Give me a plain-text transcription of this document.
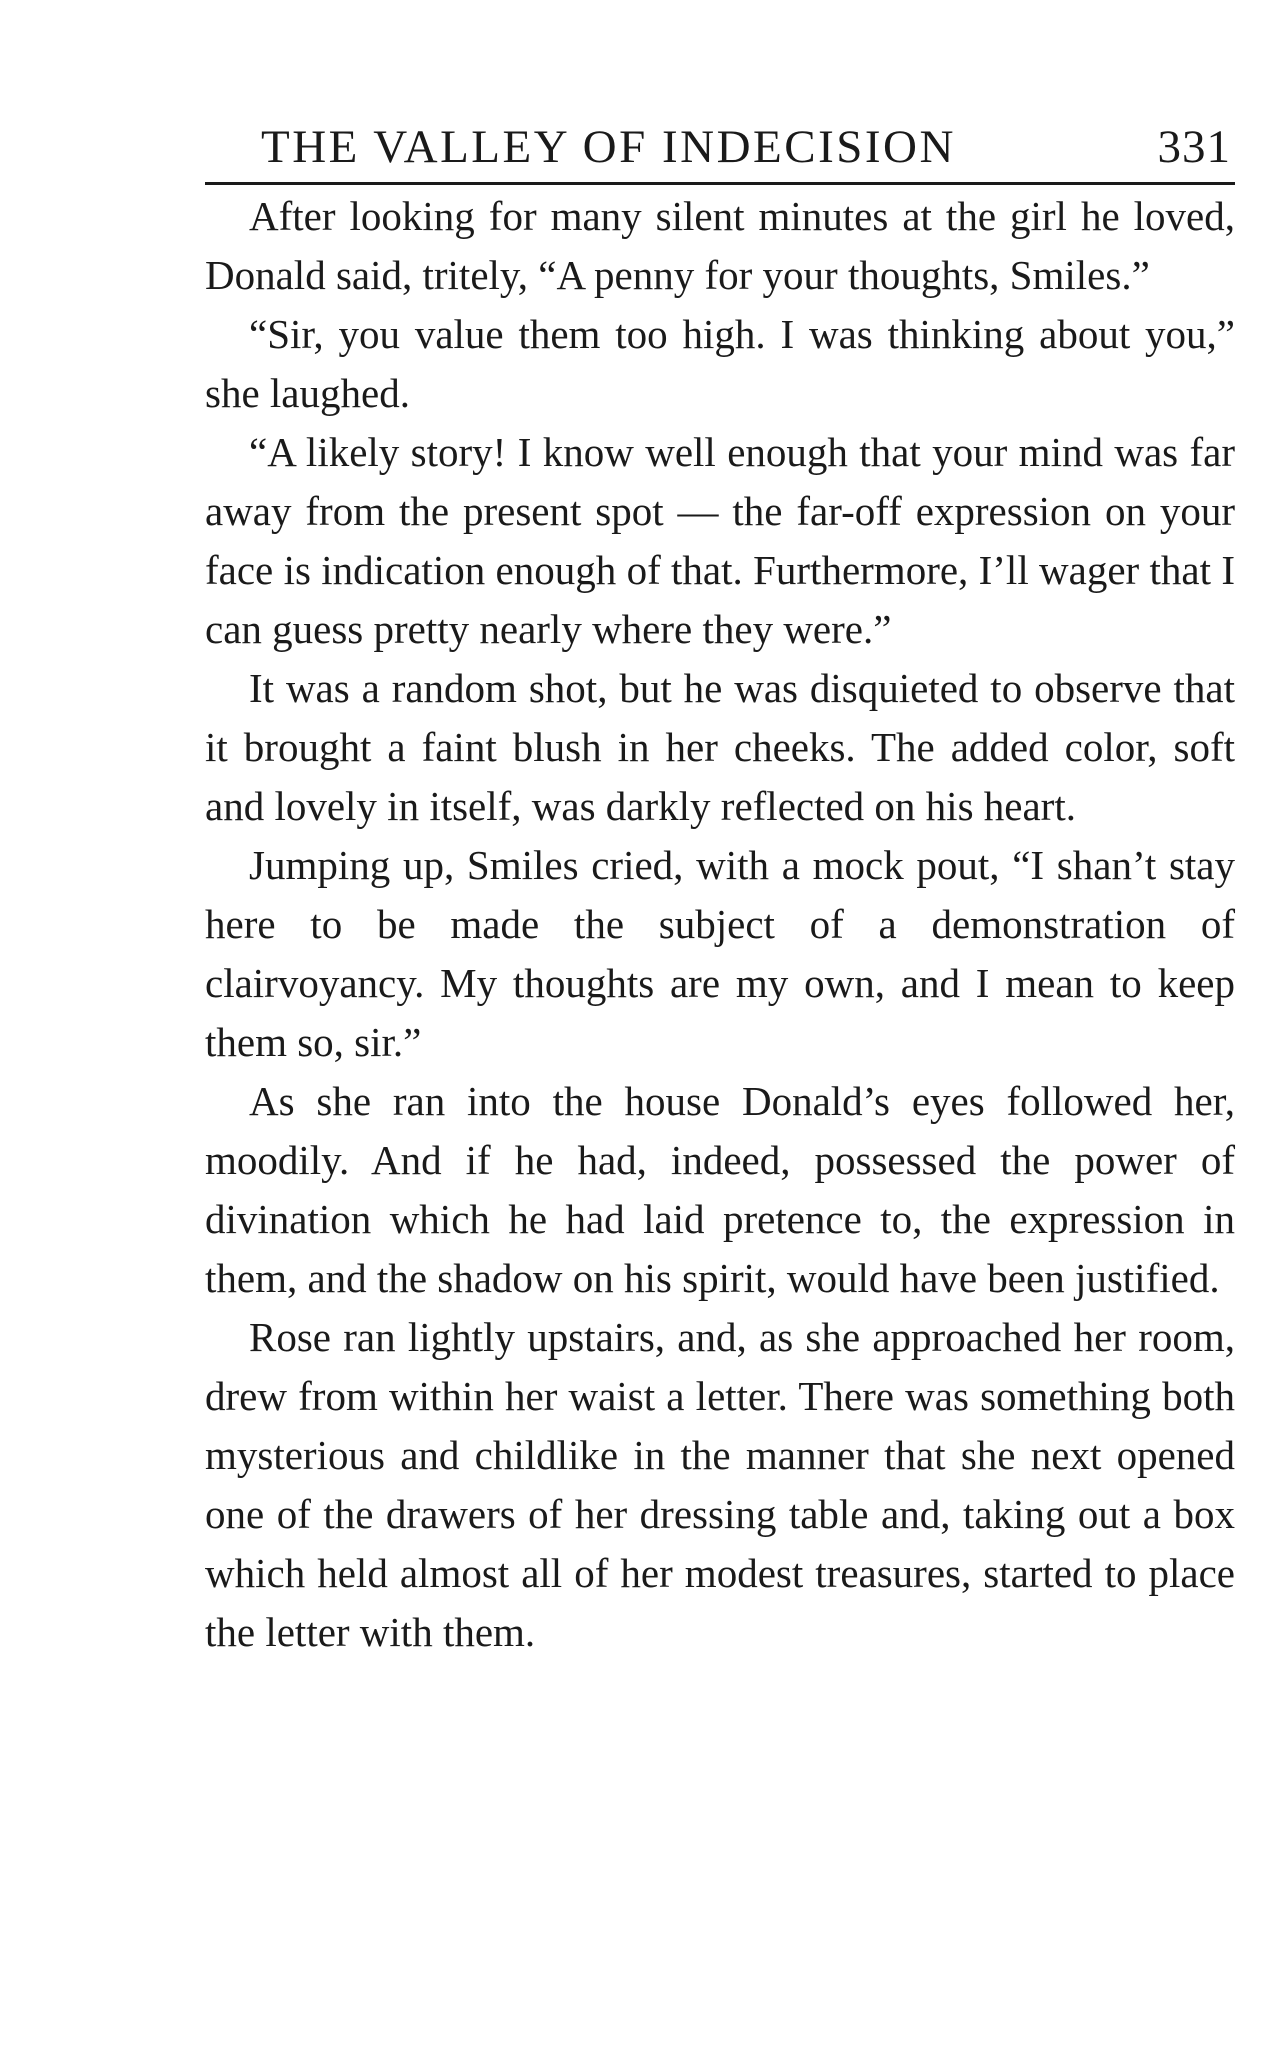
THE VALLEY OF INDECISION	331

After looking for many silent minutes at the girl he loved, Donald said, tritely, “A penny for your thoughts, Smiles.”

“Sir, you value them too high. I was thinking about you,” she laughed.

“A likely story! I know well enough that your mind was far away from the present spot — the far-off expression on your face is indication enough of that. Furthermore, I’ll wager that I can guess pretty nearly where they were.”

It was a random shot, but he was disquieted to observe that it brought a faint blush in her cheeks. The added color, soft and lovely in itself, was darkly reflected on his heart.

Jumping up, Smiles cried, with a mock pout, “I shan’t stay here to be made the subject of a demonstration of clairvoyancy. My thoughts are my own, and I mean to keep them so, sir.”

As she ran into the house Donald’s eyes followed her, moodily. And if he had, indeed, possessed the power of divination which he had laid pretence to, the expression in them, and the shadow on his spirit, would have been justified.

Rose ran lightly upstairs, and, as she approached her room, drew from within her waist a letter. There was something both mysterious and childlike in the manner that she next opened one of the drawers of her dressing table and, taking out a box which held almost all of her modest treasures, started to place the letter with them.
